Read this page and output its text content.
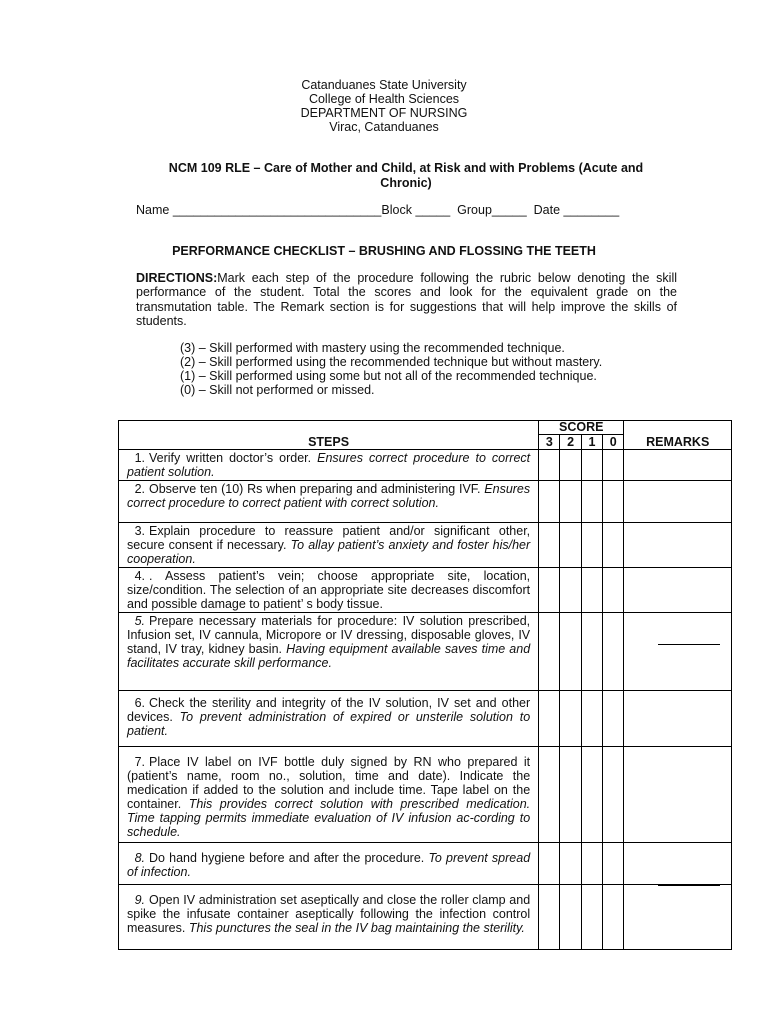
Catanduanes State University
College of Health Sciences
DEPARTMENT OF NURSING
Virac, Catanduanes
NCM 109 RLE – Care of Mother and Child, at Risk and with Problems (Acute and
Chronic)
Name ______________________________Block _____ Group_____ Date ________
PERFORMANCE CHECKLIST – BRUSHING AND FLOSSING THE TEETH
DIRECTIONS:Mark each step of the procedure following the rubric below denoting the skill performance of the student. Total the scores and look for the equivalent grade on the transmutation table. The Remark section is for suggestions that will help improve the skills of students.
(3) – Skill performed with mastery using the recommended technique.
(2) – Skill performed using the recommended technique but without mastery.
(1) – Skill performed using some but not all of the recommended technique.
(0) – Skill not performed or missed.
STEPS	SCORE				REMARKS
	3	2	1	0	
1. Verify written doctor’s order. Ensures correct procedure to correct patient solution.					
2. Observe ten (10) Rs when preparing and administering IVF. Ensures correct procedure to correct patient with correct solution.					
3. Explain procedure to reassure patient and/or significant other, secure consent if necessary. To allay patient’s anxiety and foster his/her cooperation.					
4. . Assess patient’s vein; choose appropriate site, location, size/condition. The selection of an appropriate site decreases discomfort and possible damage to patient’ s body tissue.					
5. Prepare necessary materials for procedure: IV solution prescribed, Infusion set, IV cannula, Micropore or IV dressing, disposable gloves, IV stand, IV tray, kidney basin. Having equipment available saves time and facilitates accurate skill performance.					

6. Check the sterility and integrity of the IV solution, IV set and other devices. To prevent administration of expired or unsterile solution to patient.					
7. Place IV label on IVF bottle duly signed by RN who prepared it (patient’s name, room no., solution, time and date). Indicate the medication if added to the solution and include time. Tape label on the container. This provides correct solution with prescribed medication. Time tapping permits immediate evaluation of IV infusion ac-cording to schedule.					
8. Do hand hygiene before and after the procedure. To prevent spread of infection.					
9. Open IV administration set aseptically and close the roller clamp and spike the infusate container aseptically following the infection control measures. This punctures the seal in the IV bag maintaining the sterility.					
